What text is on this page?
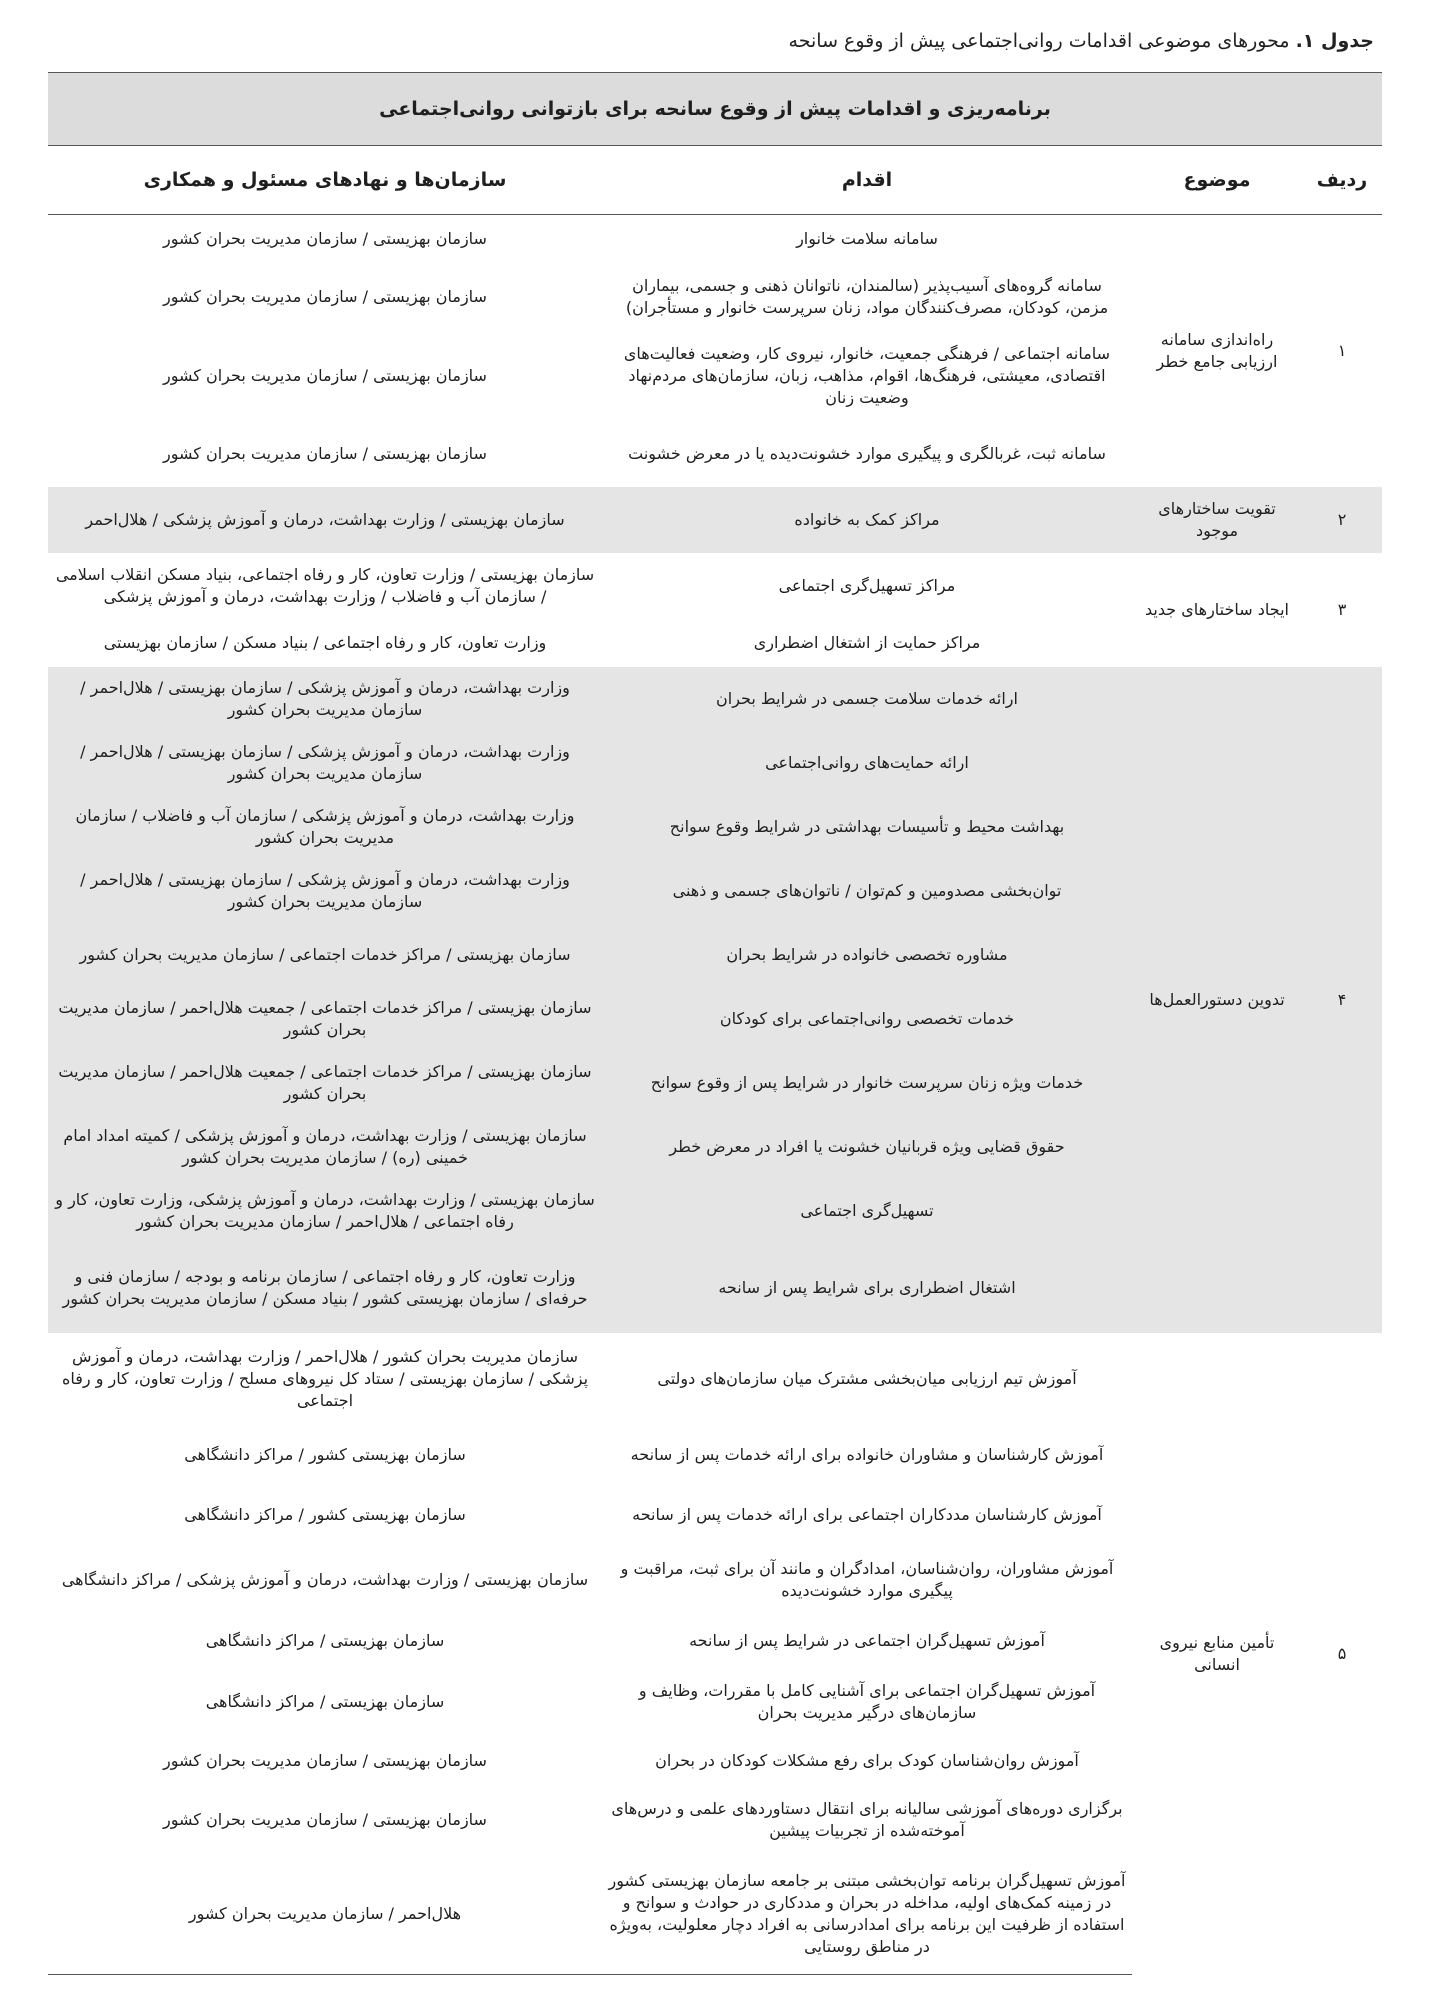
جدول ۱. محورهای موضوعی اقدامات روانی‌اجتماعی پیش از وقوع سانحه
برنامه‌ریزی و اقدامات پیش از وقوع سانحه برای بازتوانی روانی‌اجتماعی			
ردیف	موضوع	اقدام	سازمان‌ها و نهادهای مسئول و همکاری
۱	راه‌اندازی سامانه ارزیابی جامع خطر	سامانه سلامت خانوار	سازمان بهزیستی / سازمان مدیریت بحران کشور
		سامانه گروه‌های آسیب‌پذیر (سالمندان، ناتوانان ذهنی و جسمی، بیماران مزمن، کودکان، مصرف‌کنندگان مواد، زنان سرپرست خانوار و مستأجران)	سازمان بهزیستی / سازمان مدیریت بحران کشور
		سامانه اجتماعی / فرهنگی جمعیت، خانوار، نیروی کار، وضعیت فعالیت‌های اقتصادی، معیشتی، فرهنگ‌ها، اقوام، مذاهب، زبان، سازمان‌های مردم‌نهاد وضعیت زنان	سازمان بهزیستی / سازمان مدیریت بحران کشور
		سامانه ثبت، غربالگری و پیگیری موارد خشونت‌دیده یا در معرض خشونت	سازمان بهزیستی / سازمان مدیریت بحران کشور
۲	تقویت ساختارهای موجود	مراکز کمک به خانواده	سازمان بهزیستی / وزارت بهداشت، درمان و آموزش پزشکی / هلال‌احمر
۳	ایجاد ساختارهای جدید	مراکز تسهیل‌گری اجتماعی	سازمان بهزیستی / وزارت تعاون، کار و رفاه اجتماعی، بنیاد مسکن انقلاب اسلامی / سازمان آب و فاضلاب / وزارت بهداشت، درمان و آموزش پزشکی
		مراکز حمایت از اشتغال اضطراری	وزارت تعاون، کار و رفاه اجتماعی / بنیاد مسکن / سازمان بهزیستی
۴	تدوین دستورالعمل‌ها	ارائه خدمات سلامت جسمی در شرایط بحران	وزارت بهداشت، درمان و آموزش پزشکی / سازمان بهزیستی / هلال‌احمر / سازمان مدیریت بحران کشور
		ارائه حمایت‌های روانی‌اجتماعی	وزارت بهداشت، درمان و آموزش پزشکی / سازمان بهزیستی / هلال‌احمر / سازمان مدیریت بحران کشور
		بهداشت محیط و تأسیسات بهداشتی در شرایط وقوع سوانح	وزارت بهداشت، درمان و آموزش پزشکی / سازمان آب و فاضلاب / سازمان مدیریت بحران کشور
		توان‌بخشی مصدومین و کم‌توان / ناتوان‌های جسمی و ذهنی	وزارت بهداشت، درمان و آموزش پزشکی / سازمان بهزیستی / هلال‌احمر / سازمان مدیریت بحران کشور
		مشاوره تخصصی خانواده در شرایط بحران	سازمان بهزیستی / مراکز خدمات اجتماعی / سازمان مدیریت بحران کشور
		خدمات تخصصی روانی‌اجتماعی برای کودکان	سازمان بهزیستی / مراکز خدمات اجتماعی / جمعیت هلال‌احمر / سازمان مدیریت بحران کشور
		خدمات ویژه زنان سرپرست خانوار در شرایط پس از وقوع سوانح	سازمان بهزیستی / مراکز خدمات اجتماعی / جمعیت هلال‌احمر / سازمان مدیریت بحران کشور
		حقوق قضایی ویژه قربانیان خشونت یا افراد در معرض خطر	سازمان بهزیستی / وزارت بهداشت، درمان و آموزش پزشکی / کمیته امداد امام خمینی (ره) / سازمان مدیریت بحران کشور
		تسهیل‌گری اجتماعی	سازمان بهزیستی / وزارت بهداشت، درمان و آموزش پزشکی، وزارت تعاون، کار و رفاه اجتماعی / هلال‌احمر / سازمان مدیریت بحران کشور
		اشتغال اضطراری برای شرایط پس از سانحه	وزارت تعاون، کار و رفاه اجتماعی / سازمان برنامه و بودجه / سازمان فنی و حرفه‌ای / سازمان بهزیستی کشور / بنیاد مسکن / سازمان مدیریت بحران کشور
۵	تأمین منابع نیروی انسانی	آموزش تیم ارزیابی میان‌بخشی مشترک میان سازمان‌های دولتی	سازمان مدیریت بحران کشور / هلال‌احمر / وزارت بهداشت، درمان و آموزش پزشکی / سازمان بهزیستی / ستاد کل نیروهای مسلح / وزارت تعاون، کار و رفاه اجتماعی
		آموزش کارشناسان و مشاوران خانواده برای ارائه خدمات پس از سانحه	سازمان بهزیستی کشور / مراکز دانشگاهی
		آموزش کارشناسان مددکاران اجتماعی برای ارائه خدمات پس از سانحه	سازمان بهزیستی کشور / مراکز دانشگاهی
		آموزش مشاوران، روان‌شناسان، امدادگران و مانند آن برای ثبت، مراقبت و پیگیری موارد خشونت‌دیده	سازمان بهزیستی / وزارت بهداشت، درمان و آموزش پزشکی / مراکز دانشگاهی
		آموزش تسهیل‌گران اجتماعی در شرایط پس از سانحه	سازمان بهزیستی / مراکز دانشگاهی
		آموزش تسهیل‌گران اجتماعی برای آشنایی کامل با مقررات، وظایف و سازمان‌های درگیر مدیریت بحران	سازمان بهزیستی / مراکز دانشگاهی
		آموزش روان‌شناسان کودک برای رفع مشکلات کودکان در بحران	سازمان بهزیستی / سازمان مدیریت بحران کشور
		برگزاری دوره‌های آموزشی سالیانه برای انتقال دستاوردهای علمی و درس‌های آموخته‌شده از تجربیات پیشین	سازمان بهزیستی / سازمان مدیریت بحران کشور
		آموزش تسهیل‌گران برنامه توان‌بخشی مبتنی بر جامعه سازمان بهزیستی کشور در زمینه کمک‌های اولیه، مداخله در بحران و مددکاری در حوادث و سوانح و استفاده از ظرفیت این برنامه برای امدادرسانی به افراد دچار معلولیت، به‌ویژه در مناطق روستایی	هلال‌احمر / سازمان مدیریت بحران کشور
